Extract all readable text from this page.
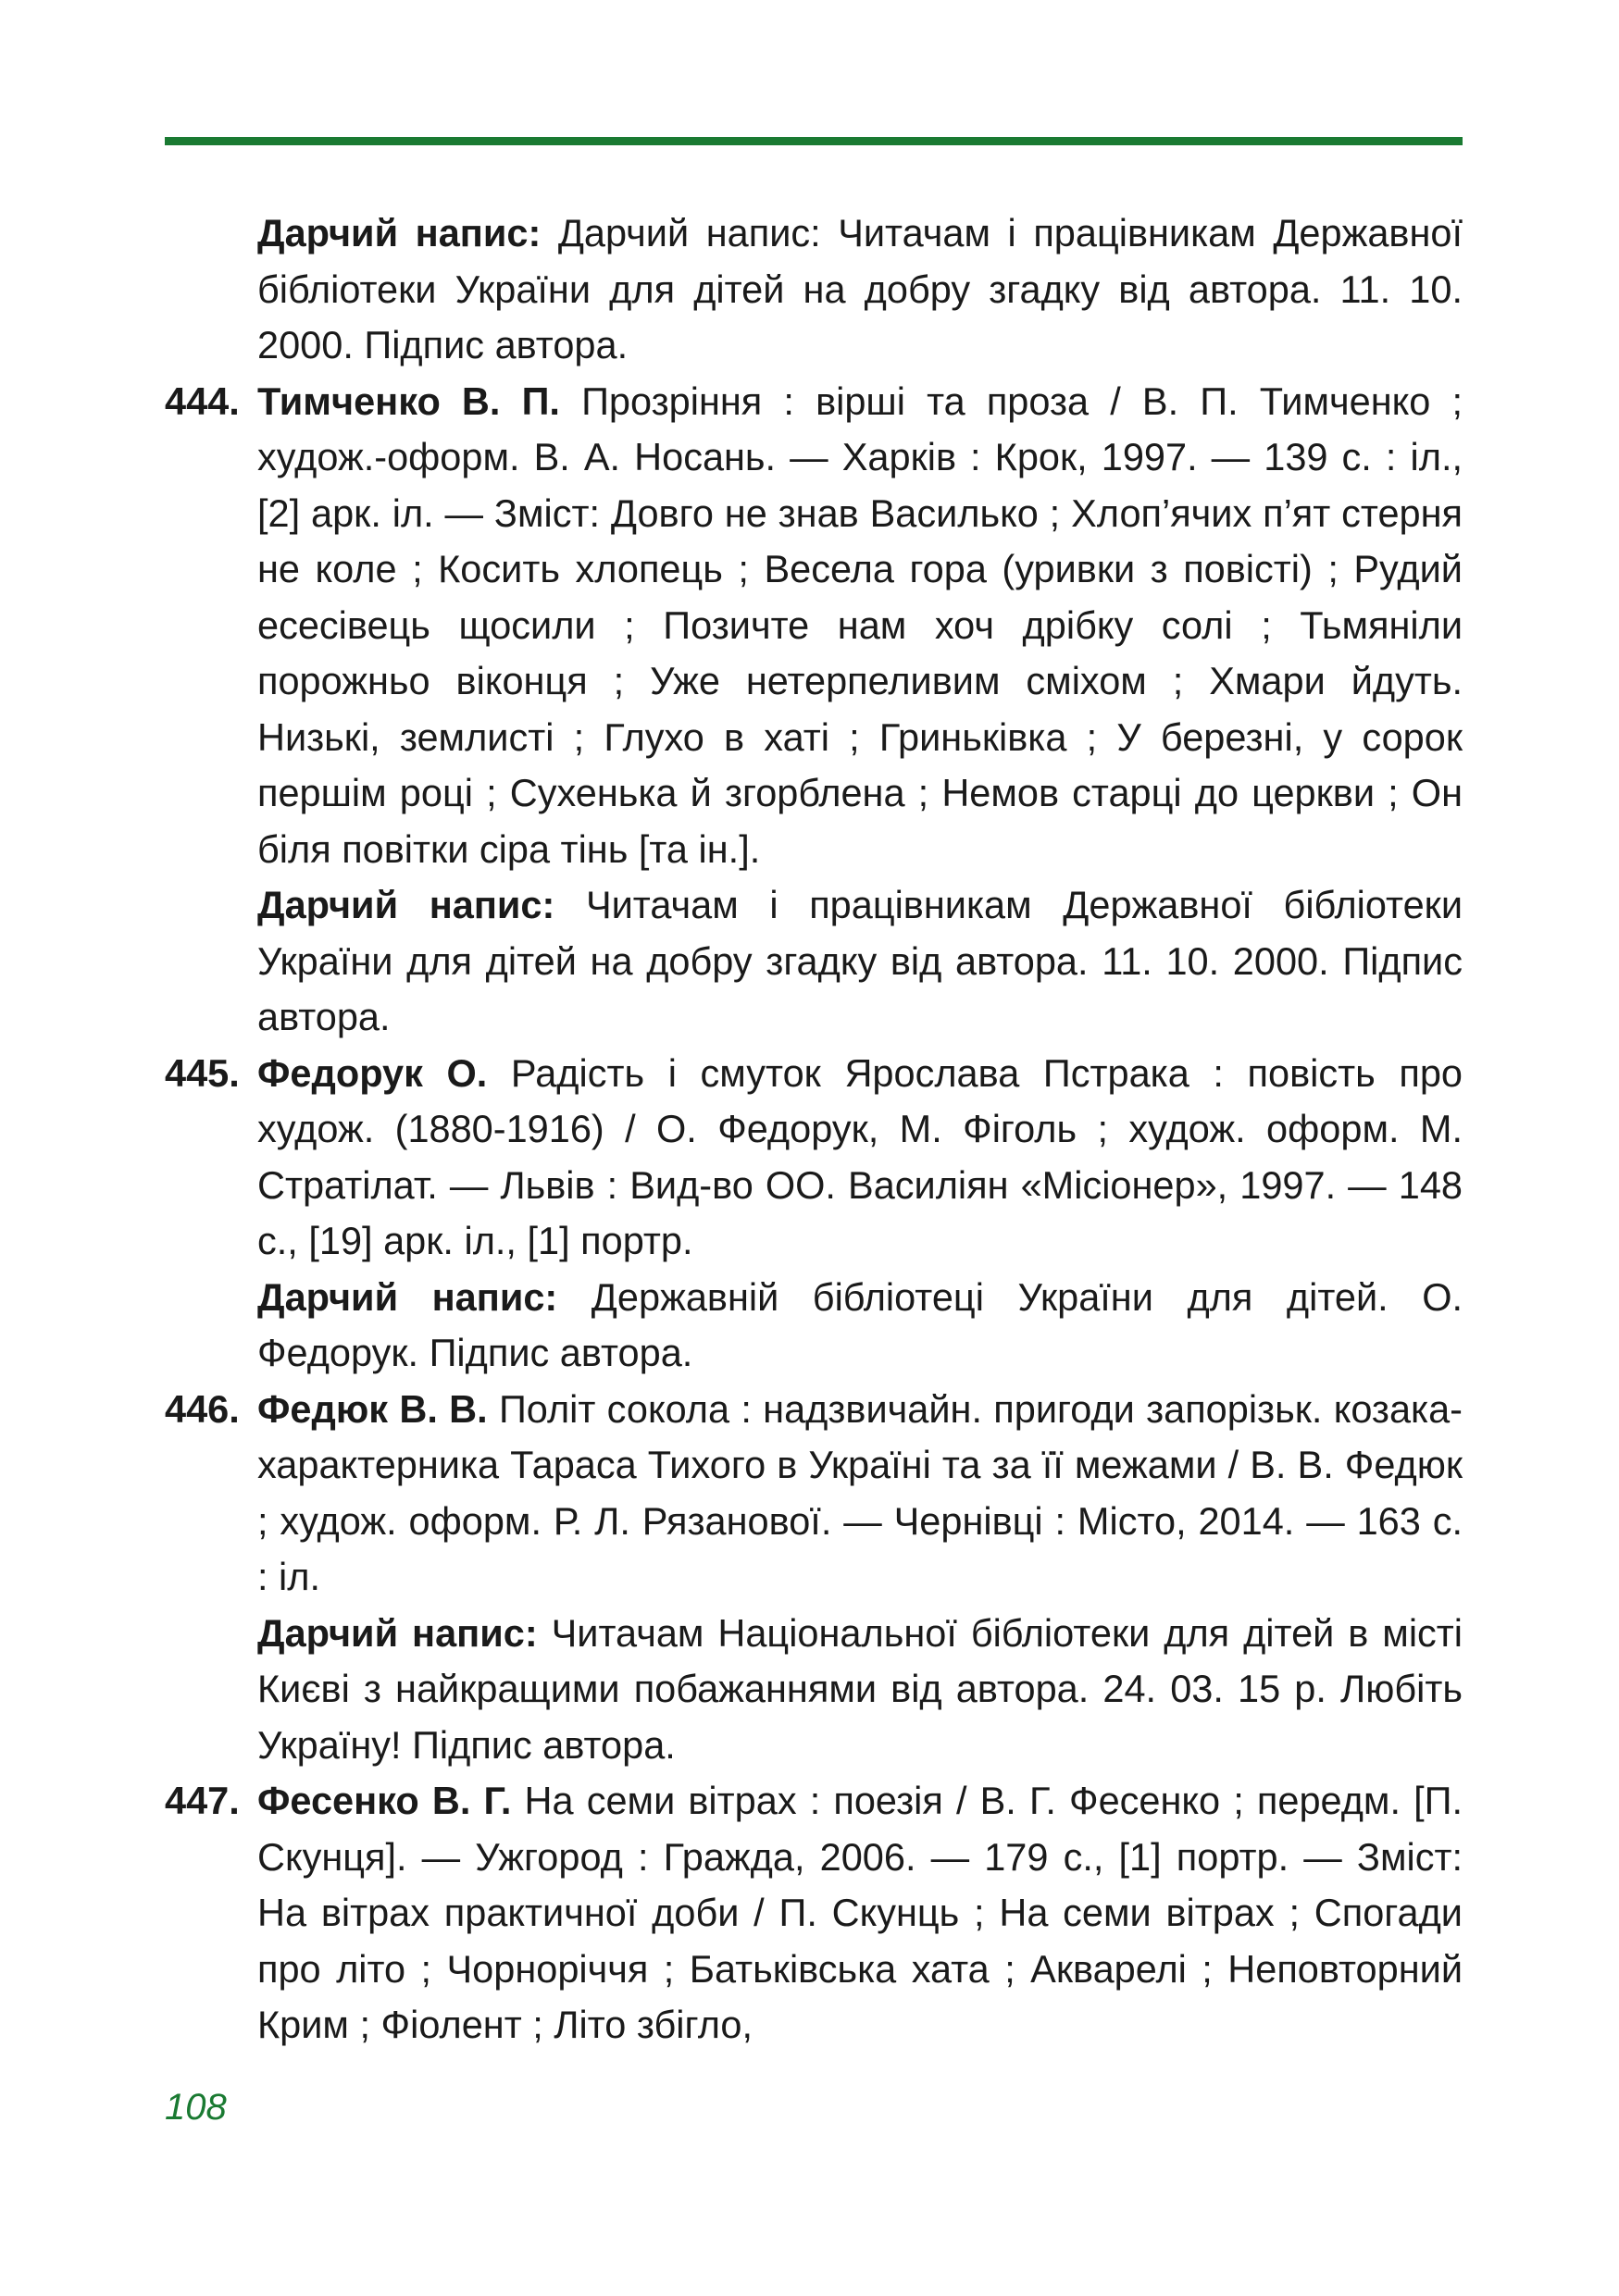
Дарчий напис: Дарчий напис: Читачам і працівникам Державної бібліотеки України для дітей на добру згадку від автора. 11. 10. 2000. Підпис автора.

444. Тимченко В. П. Прозріння : вірші та проза / В. П. Тимченко ; худож.-оформ. В. А. Носань. — Харків : Крок, 1997. — 139 с. : іл., [2] арк. іл. — Зміст: Довго не знав Василько ; Хлоп’ячих п’ят стерня не коле ; Косить хлопець ; Весела гора (уривки з повісті) ; Рудий есесівець щосили ; Позичте нам хоч дрібку солі ; Тьмяніли порожньо віконця ; Уже нетерпеливим сміхом ; Хмари йдуть. Низькі, землисті ; Глухо в хаті ; Гриньківка ; У березні, у сорок першім році ; Сухенька й згорблена ; Немов старці до церкви ; Он біля повітки сіра тінь [та ін.].

Дарчий напис: Читачам і працівникам Державної бібліотеки України для дітей на добру згадку від автора. 11. 10. 2000. Підпис автора.

445. Федорук О. Радість і смуток Ярослава Пстрака : повість про худож. (1880-1916) / О. Федорук, М. Фіголь ; худож. оформ. М. Стратілат. — Львів : Вид-во ОО. Василіян «Місіонер», 1997. — 148 с., [19] арк. іл., [1] портр.

Дарчий напис: Державній бібліотеці України для дітей. О. Федорук. Підпис автора.

446. Федюк В. В. Політ сокола : надзвичайн. пригоди запорізьк. козака-характерника Тараса Тихого в Україні та за її межами / В. В. Федюк ; худож. оформ. Р. Л. Рязанової. — Чернівці : Місто, 2014. — 163 с. : іл.

Дарчий напис: Читачам Національної бібліотеки для дітей в місті Києві з найкращими побажаннями від автора. 24. 03. 15 р. Любіть Україну! Підпис автора.

447. Фесенко В. Г. На семи вітрах : поезія / В. Г. Фесенко ; передм. [П. Скунця]. — Ужгород : Гражда, 2006. — 179 с., [1] портр. — Зміст: На вітрах практичної доби / П. Скунць ; На семи вітрах ; Спогади про літо ; Чорноріччя ; Батьківська хата ; Акварелі ; Неповторний Крим ; Фіолент ; Літо збігло,

108
